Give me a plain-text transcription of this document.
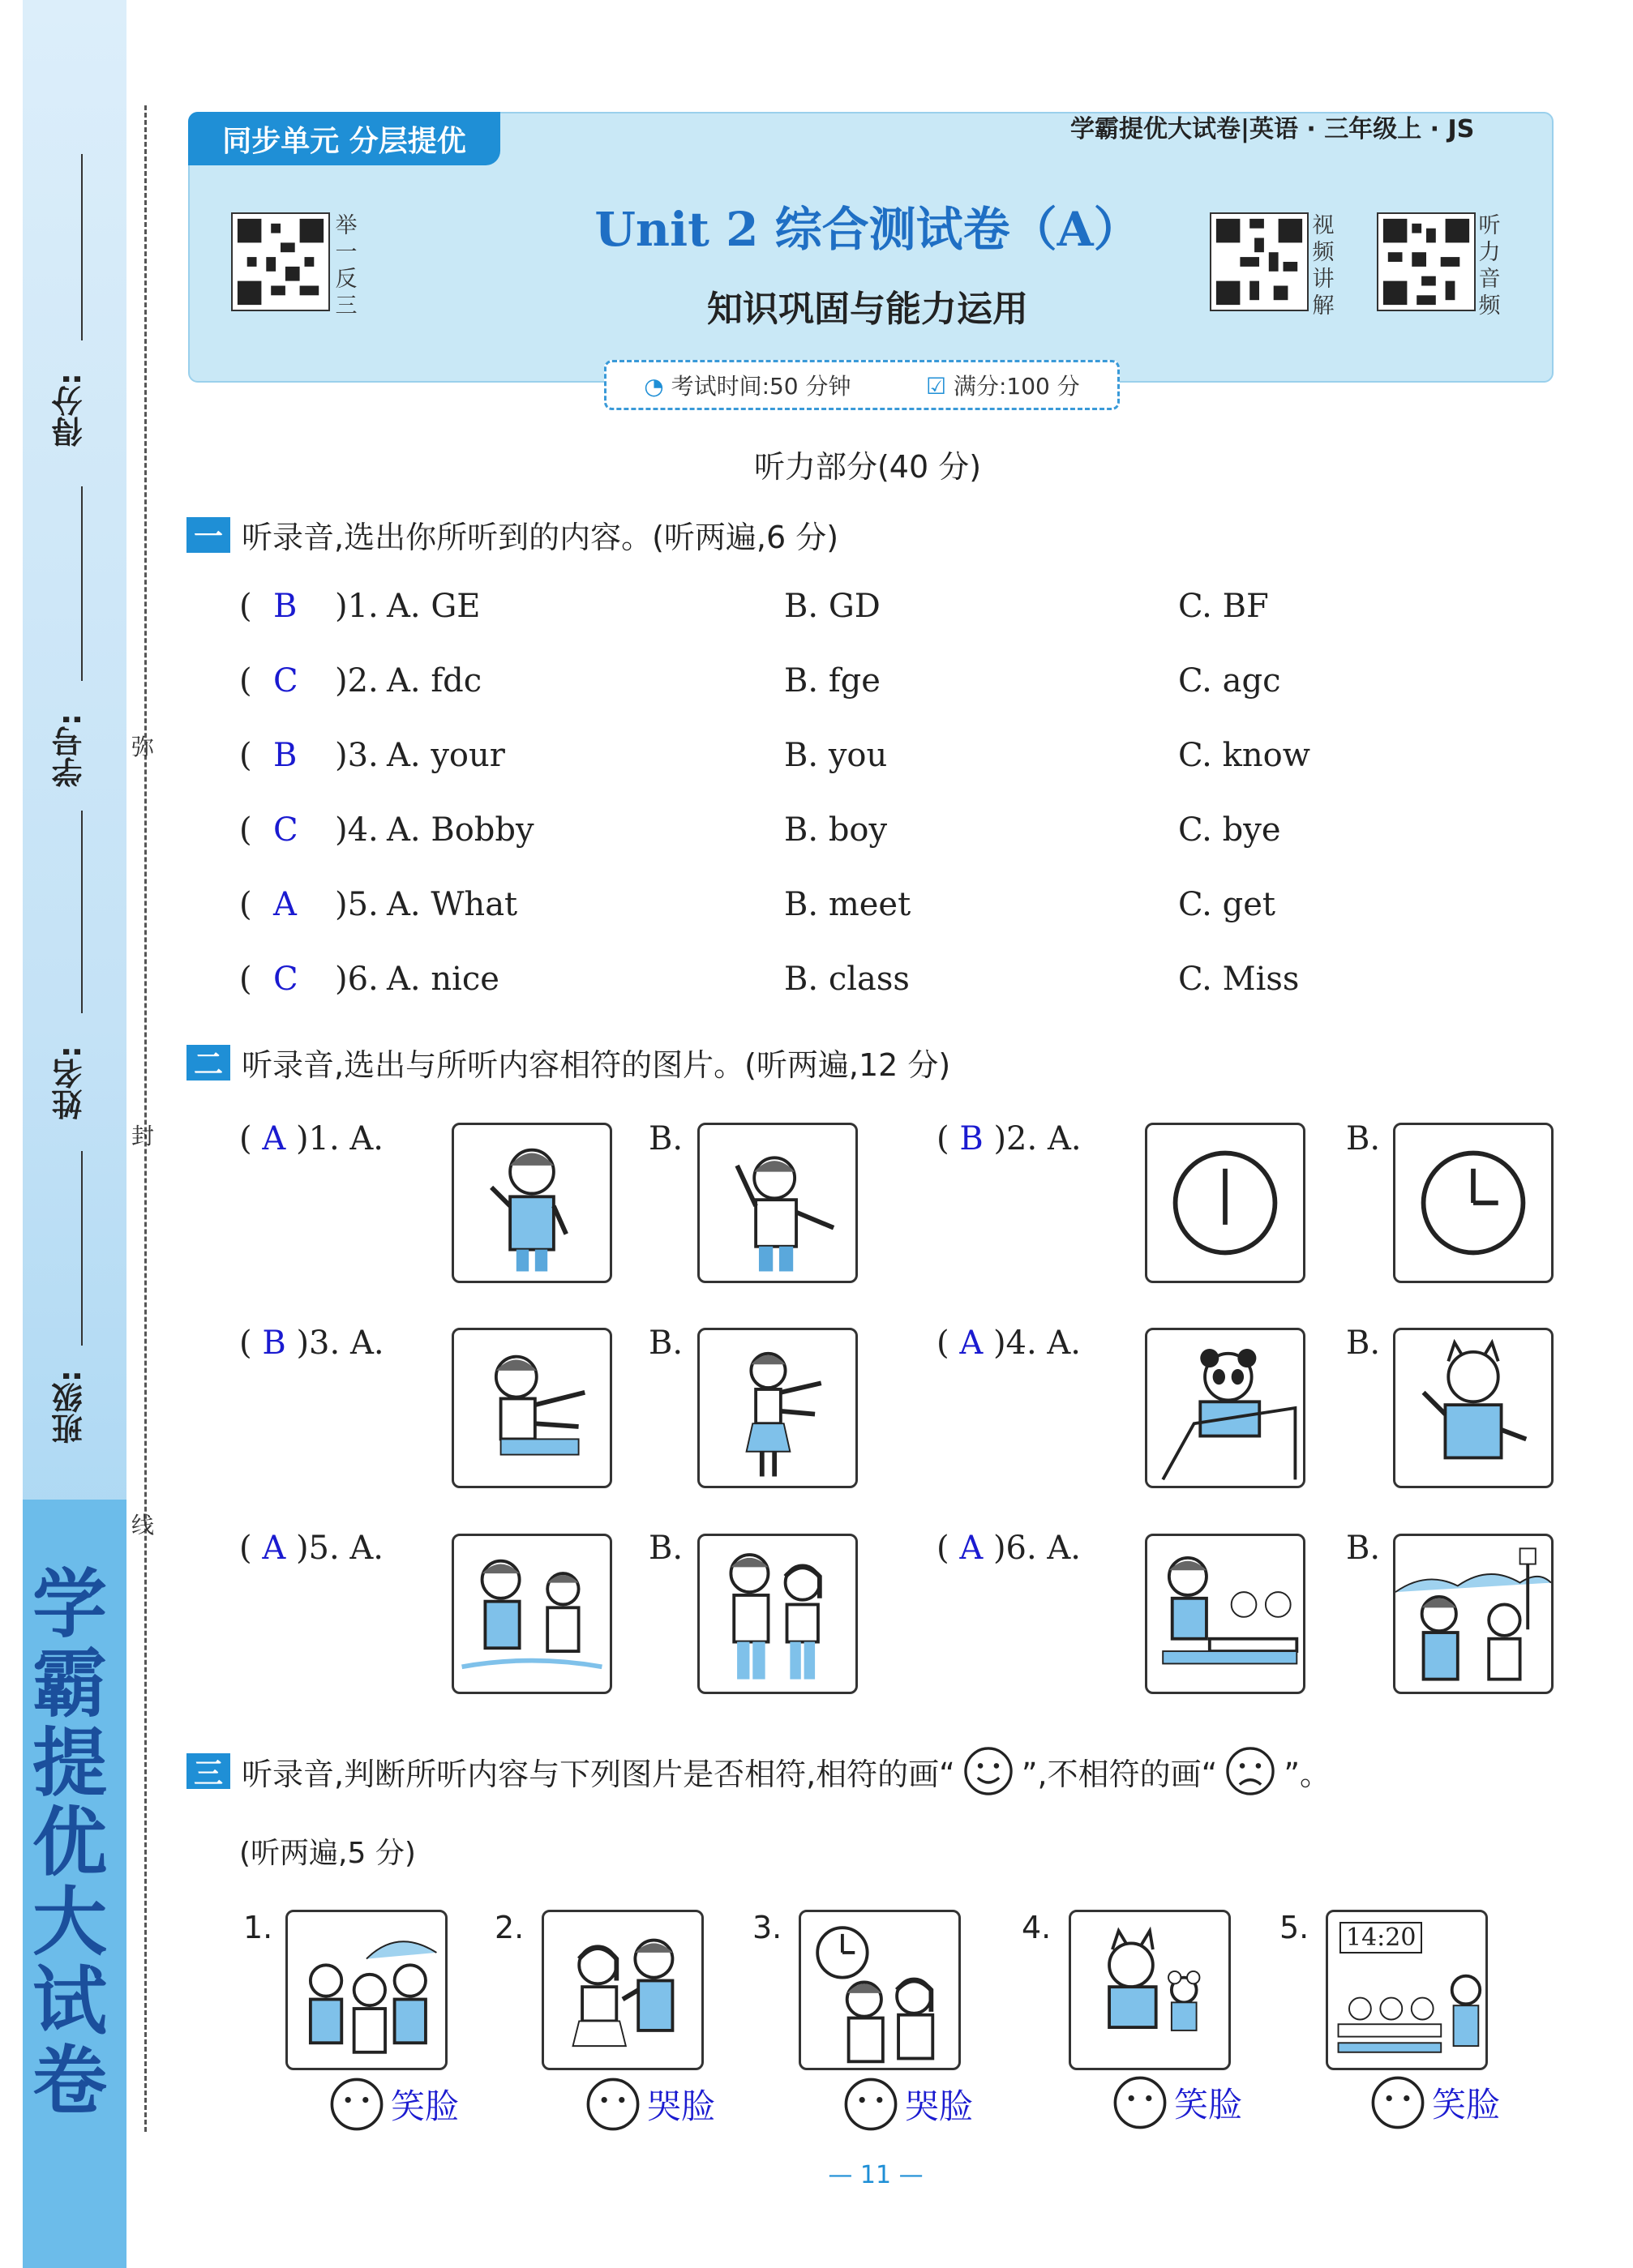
学霸提优大试卷
得分:
学号:
姓名:
班级:
弥
封
线
同步单元 分层提优	学霸提优大试卷|英语 · 三年级上 · JS
举一反三
视频讲解
听力音频
Unit 2 综合测试卷（A）
知识巩固与能力运用
◔ 考试时间:50 分钟	☑ 满分:100 分
听力部分(40 分)
一 听录音,选出你所听到的内容。(听两遍,6 分)
( B )1. A. GE	B. GD	C. BF
( C )2. A. fdc	B. fge	C. agc
( B )3. A. your	B. you	C. know
( C )4. A. Bobby	B. boy	C. bye
( A )5. A. What	B. meet	C. get
( C )6. A. nice	B. class	C. Miss
二 听录音,选出与所听内容相符的图片。(听两遍,12 分)
( A )1. A.	B.	( B )2. A.	B.
( B )3. A.	B.	( A )4. A.	B.
( A )5. A.	B.	( A )6. A.	B.
三 听录音,判断所听内容与下列图片是否相符,相符的画“ ”,不相符的画“ ”。
(听两遍,5 分)
1.
笑脸
2.
哭脸
3.
哭脸
4.
笑脸
5. 14:20
笑脸
— 11 —
